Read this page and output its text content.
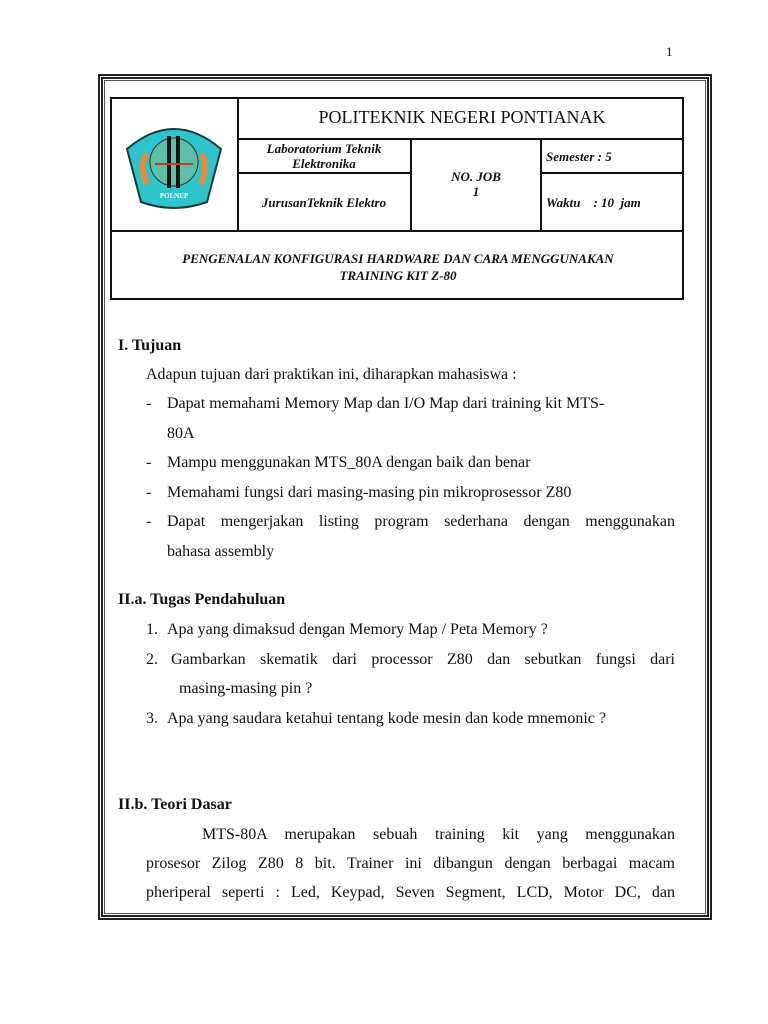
1
POLNEP
POLITEKNIK NEGERI PONTIANAK
Laboratorium Teknik
Elektronika
JurusanTeknik Elektro
NO. JOB
1
Semester : 5
Waktu : 10  jam
PENGENALAN KONFIGURASI HARDWARE DAN CARA MENGGUNAKAN
TRAINING KIT Z-80
I. Tujuan
Adapun tujuan dari praktikan ini, diharapkan mahasiswa :
- Dapat memahami Memory Map dan I/O Map dari training kit MTS-
80A
- Mampu menggunakan MTS_80A dengan baik dan benar
- Memahami fungsi dari masing-masing pin mikroprosessor Z80
- Dapat mengerjakan listing program sederhana dengan menggunakan
bahasa assembly
II.a. Tugas Pendahuluan
1. Apa yang dimaksud dengan Memory Map / Peta Memory ?
2. Gambarkan skematik dari processor Z80 dan sebutkan fungsi dari
masing-masing pin ?
3. Apa yang saudara ketahui tentang kode mesin dan kode mnemonic ?
II.b. Teori Dasar
MTS-80A merupakan sebuah training kit yang menggunakan
prosesor Zilog Z80 8 bit. Trainer ini dibangun dengan berbagai macam
pheriperal seperti : Led, Keypad, Seven Segment, LCD, Motor DC, dan
